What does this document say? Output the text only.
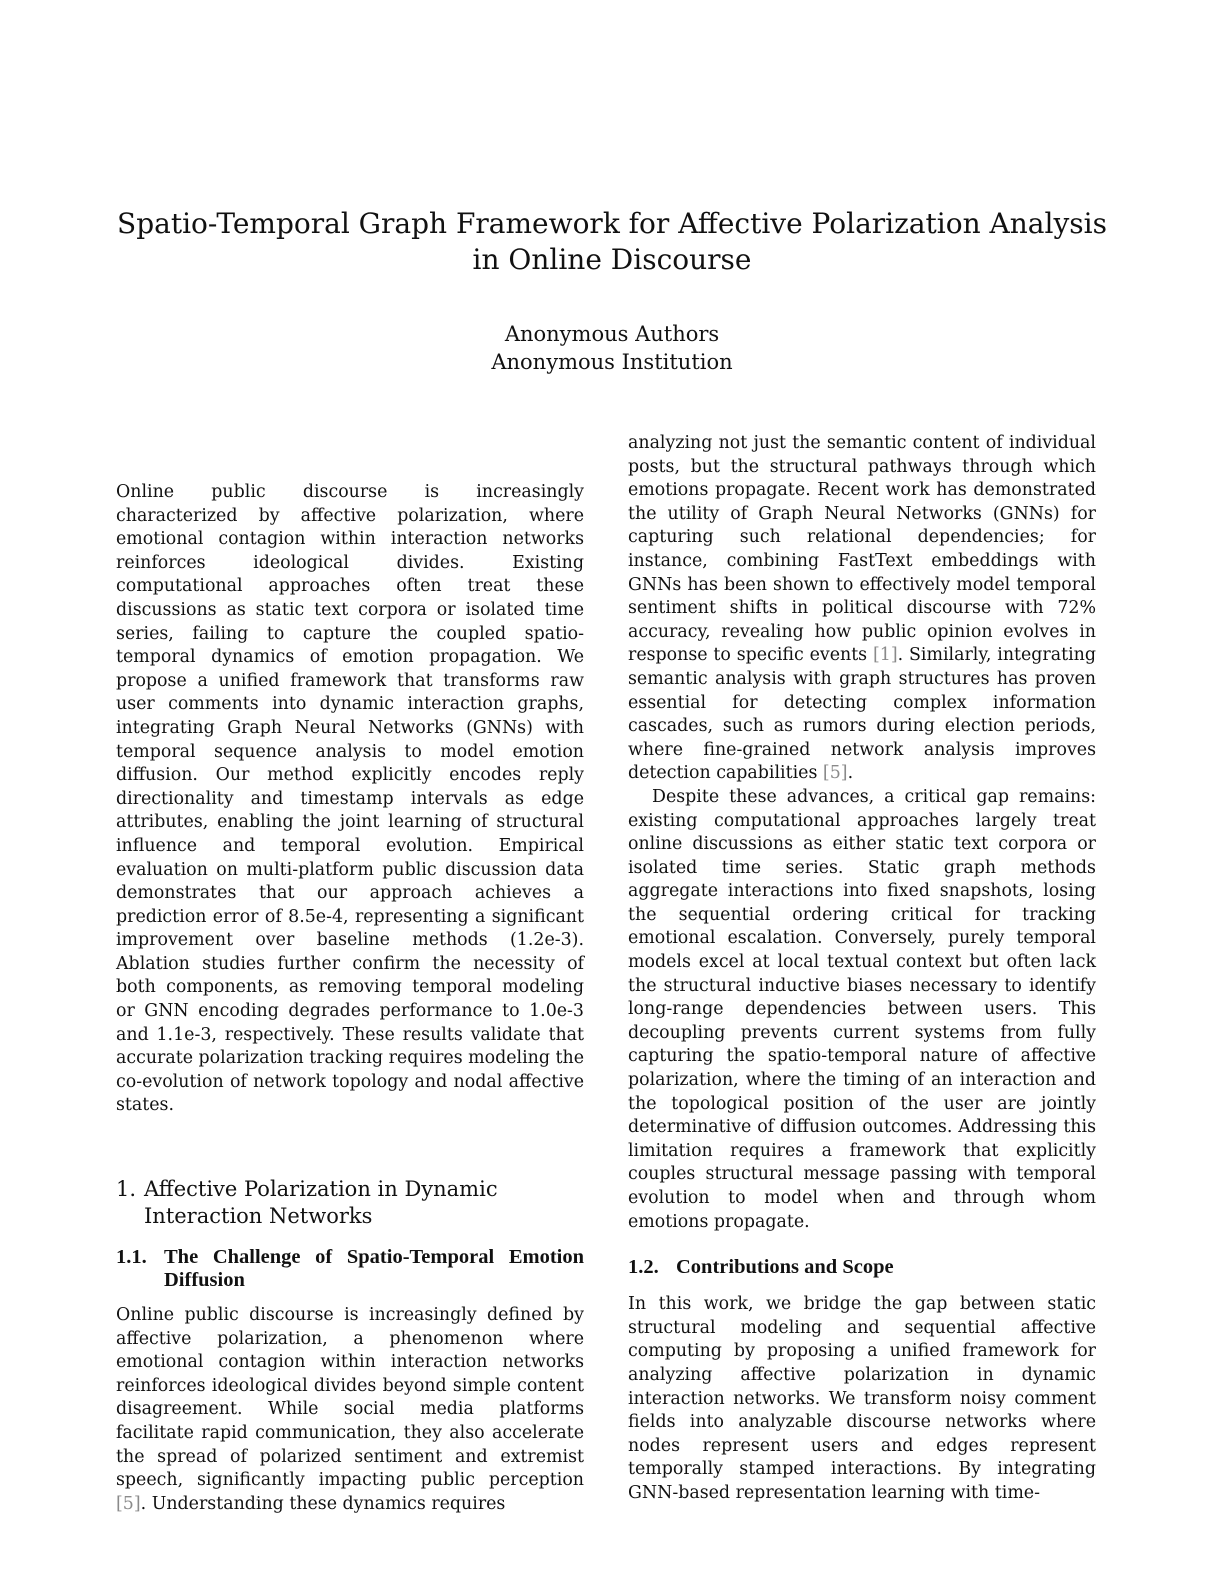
Spatio-Temporal Graph Framework for Affective Polarization Analysis in Online Discourse
Anonymous Authors
Anonymous Institution

Online public discourse is increasingly characterized by affective polarization, where emotional contagion within interaction networks reinforces ideological divides. Existing computational approaches often treat these discussions as static text corpora or isolated time series, failing to capture the coupled spatio-temporal dynamics of emotion propagation. We propose a unified framework that transforms raw user comments into dynamic interaction graphs, integrating Graph Neural Networks (GNNs) with temporal sequence analysis to model emotion diffusion. Our method explicitly encodes reply directionality and timestamp intervals as edge attributes, enabling the joint learning of structural influence and temporal evolution. Empirical evaluation on multi-platform public discussion data demonstrates that our approach achieves a prediction error of 8.5e-4, representing a significant improvement over baseline methods (1.2e-3). Ablation studies further confirm the necessity of both components, as removing temporal modeling or GNN encoding degrades performance to 1.0e-3 and 1.1e-3, respectively. These results validate that accurate polarization tracking requires modeling the co-evolution of network topology and nodal affective states.

1. Affective Polarization in Dynamic Interaction Networks
1.1. The Challenge of Spatio-Temporal Emotion Diffusion

Online public discourse is increasingly defined by affective polarization, a phenomenon where emotional contagion within interaction networks reinforces ideological divides beyond simple content disagreement. While social media platforms facilitate rapid communication, they also accelerate the spread of polarized sentiment and extremist speech, significantly impacting public perception [5]. Understanding these dynamics requires

analyzing not just the semantic content of individual posts, but the structural pathways through which emotions propagate. Recent work has demonstrated the utility of Graph Neural Networks (GNNs) for capturing such relational dependencies; for instance, combining FastText embeddings with GNNs has been shown to effectively model temporal sentiment shifts in political discourse with 72% accuracy, revealing how public opinion evolves in response to specific events [1]. Similarly, integrating semantic analysis with graph structures has proven essential for detecting complex information cascades, such as rumors during election periods, where fine-grained network analysis improves detection capabilities [5].

Despite these advances, a critical gap remains: existing computational approaches largely treat online discussions as either static text corpora or isolated time series. Static graph methods aggregate interactions into fixed snapshots, losing the sequential ordering critical for tracking emotional escalation. Conversely, purely temporal models excel at local textual context but often lack the structural inductive biases necessary to identify long-range dependencies between users. This decoupling prevents current systems from fully capturing the spatio-temporal nature of affective polarization, where the timing of an interaction and the topological position of the user are jointly determinative of diffusion outcomes. Addressing this limitation requires a framework that explicitly couples structural message passing with temporal evolution to model when and through whom emotions propagate.

1.2. Contributions and Scope

In this work, we bridge the gap between static structural modeling and sequential affective computing by proposing a unified framework for analyzing affective polarization in dynamic interaction networks. We transform noisy comment fields into analyzable discourse networks where nodes represent users and edges represent temporally stamped interactions. By integrating GNN-based representation learning with time-
